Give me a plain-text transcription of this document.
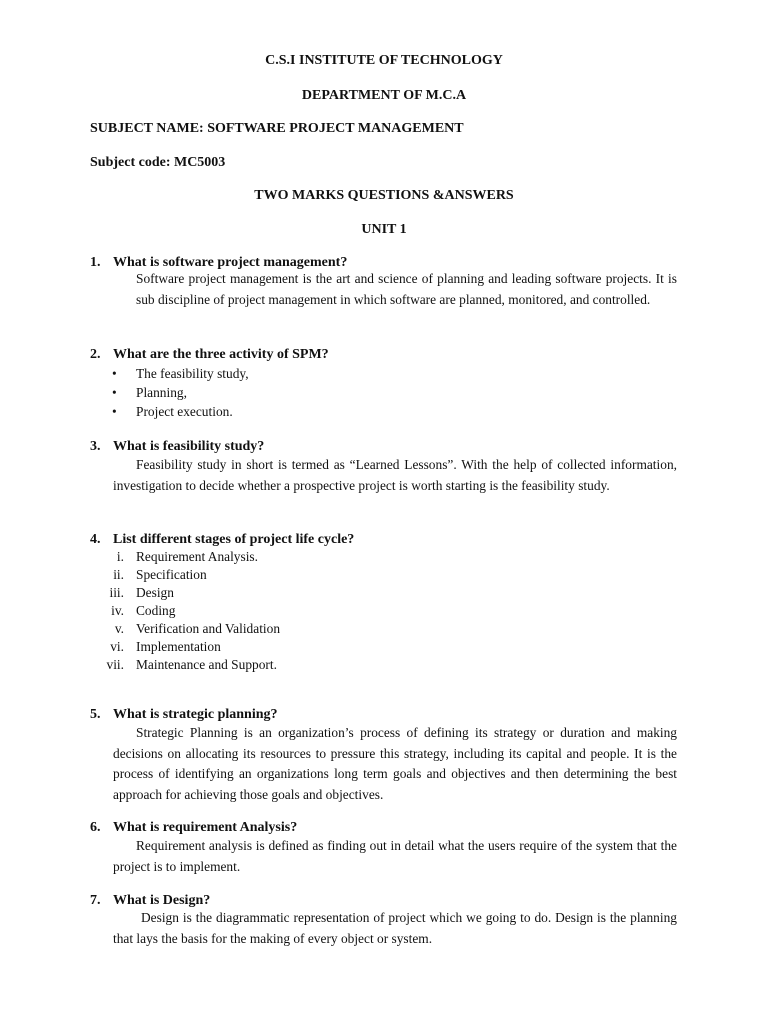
C.S.I INSTITUTE OF TECHNOLOGY
DEPARTMENT OF M.C.A
SUBJECT NAME: SOFTWARE PROJECT MANAGEMENT
Subject code: MC5003
TWO MARKS QUESTIONS &ANSWERS
UNIT 1
1. What is software project management?
Software project management is the art and science of planning and leading software projects. It is sub discipline of project management in which software are planned, monitored, and controlled.
2. What are the three activity of SPM?
• The feasibility study,
• Planning,
• Project execution.
3. What is feasibility study?
Feasibility study in short is termed as “Learned Lessons”. With the help of collected information, investigation to decide whether a prospective project is worth starting is the feasibility study.
4. List different stages of project life cycle?
i. Requirement Analysis.
ii. Specification
iii. Design
iv. Coding
v. Verification and Validation
vi. Implementation
vii. Maintenance and Support.
5. What is strategic planning?
Strategic Planning is an organization’s process of defining its strategy or duration and making decisions on allocating its resources to pressure this strategy, including its capital and people. It is the process of identifying an organizations long term goals and objectives and then determining the best approach for achieving those goals and objectives.
6. What is requirement Analysis?
Requirement analysis is defined as finding out in detail what the users require of the system that the project is to implement.
7. What is Design?
Design is the diagrammatic representation of project which we going to do. Design is the planning that lays the basis for the making of every object or system.
